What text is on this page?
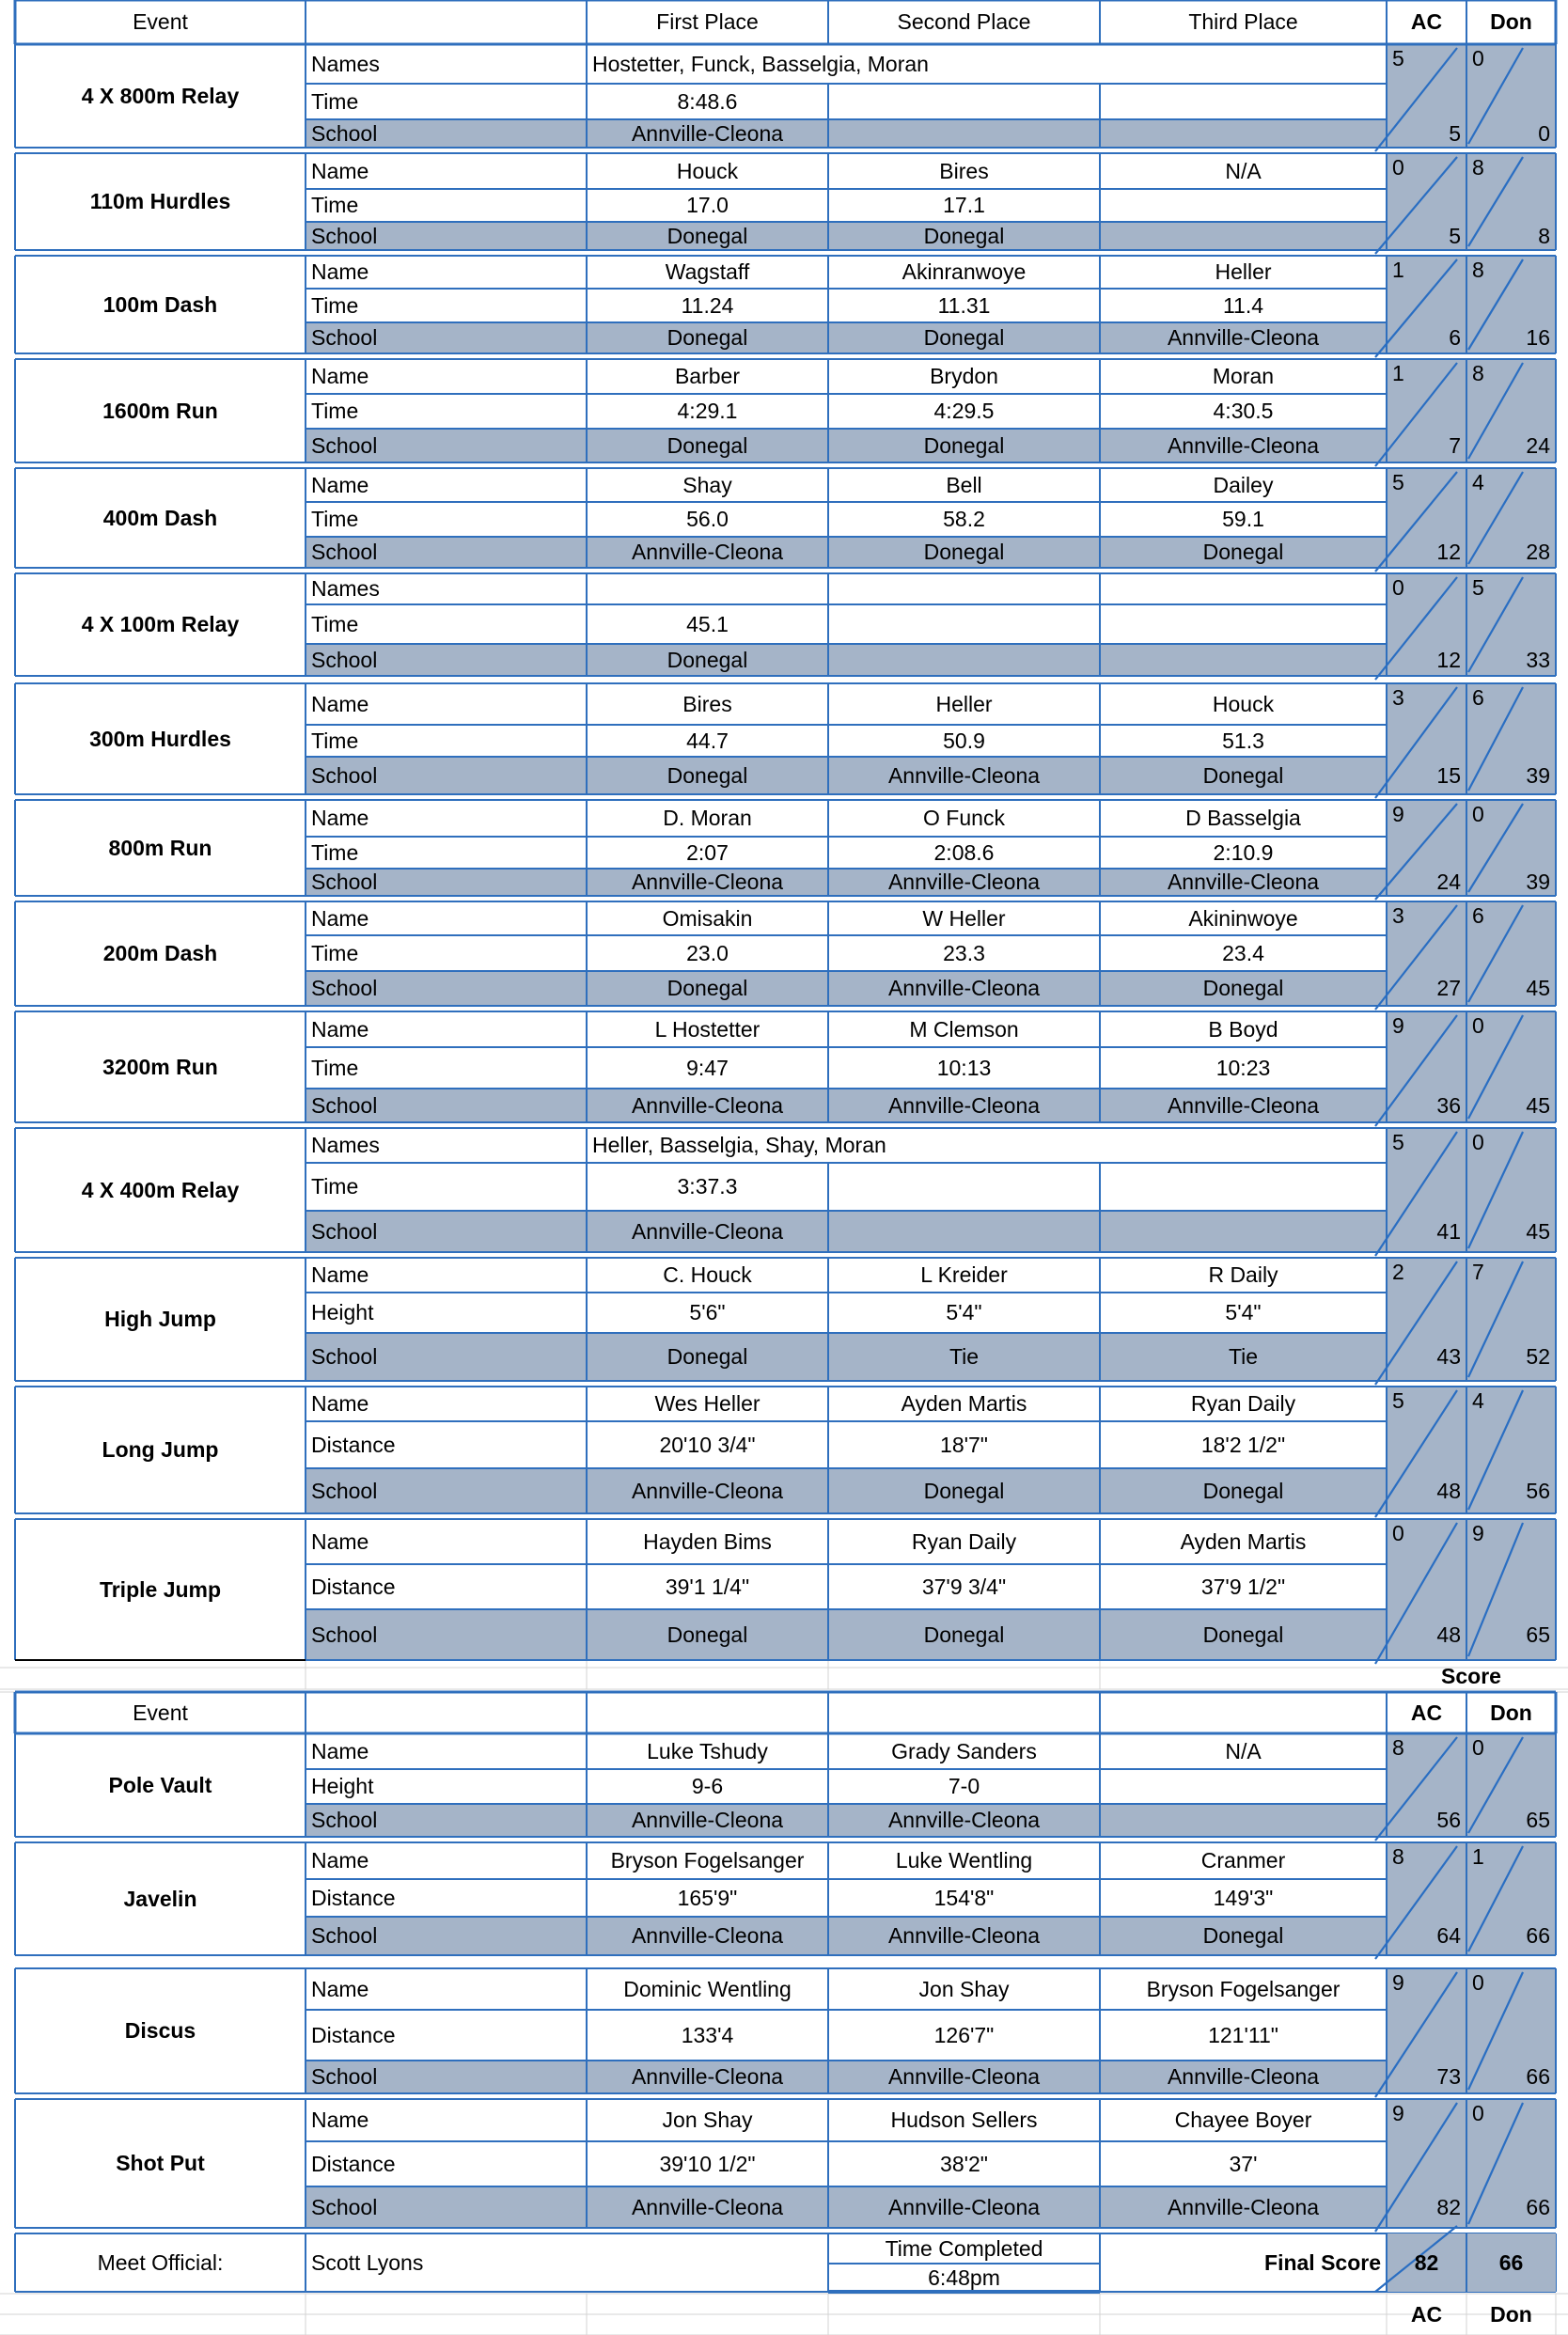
Event	First Place	Second Place	Third Place	AC	Don
Event	AC	Don
Score
4 X 800m Relay
Names	Hostetter, Funck, Basselgia, Moran
Time	8:48.6
School	Annville-Cleona
5	0
5	0
110m Hurdles
Name	Houck	Bires	N/A
Time	17.0	17.1
School	Donegal	Donegal
0	8
5	8
100m Dash
Name	Wagstaff	Akinranwoye	Heller
Time	11.24	11.31	11.4
School	Donegal	Donegal	Annville-Cleona
1	8
6	16
1600m Run
Name	Barber	Brydon	Moran
Time	4:29.1	4:29.5	4:30.5
School	Donegal	Donegal	Annville-Cleona
1	8
7	24
400m Dash
Name	Shay	Bell	Dailey
Time	56.0	58.2	59.1
School	Annville-Cleona	Donegal	Donegal
5	4
12	28
4 X 100m Relay
Names
Time	45.1
School	Donegal
0	5
12	33
300m Hurdles
Name	Bires	Heller	Houck
Time	44.7	50.9	51.3
School	Donegal	Annville-Cleona	Donegal
3	6
15	39
800m Run
Name	D. Moran	O Funck	D Basselgia
Time	2:07	2:08.6	2:10.9
School	Annville-Cleona	Annville-Cleona	Annville-Cleona
9	0
24	39
200m Dash
Name	Omisakin	W Heller	Akininwoye
Time	23.0	23.3	23.4
School	Donegal	Annville-Cleona	Donegal
3	6
27	45
3200m Run
Name	L Hostetter	M Clemson	B Boyd
Time	9:47	10:13	10:23
School	Annville-Cleona	Annville-Cleona	Annville-Cleona
9	0
36	45
4 X 400m Relay
Names	Heller, Basselgia, Shay, Moran
Time	3:37.3
School	Annville-Cleona
5	0
41	45
High Jump
Name	C. Houck	L Kreider	R Daily
Height	5'6"	5'4"	5'4"
School	Donegal	Tie	Tie
2	7
43	52
Long Jump
Name	Wes Heller	Ayden Martis	Ryan Daily
Distance	20'10 3/4"	18'7"	18'2 1/2"
School	Annville-Cleona	Donegal	Donegal
5	4
48	56
Triple Jump
Name	Hayden Bims	Ryan Daily	Ayden Martis
Distance	39'1 1/4"	37'9 3/4"	37'9 1/2"
School	Donegal	Donegal	Donegal
0	9
48	65
Pole Vault
Name	Luke Tshudy	Grady Sanders	N/A
Height	9-6	7-0
School	Annville-Cleona	Annville-Cleona
8	0
56	65
Javelin
Name	Bryson Fogelsanger	Luke Wentling	Cranmer
Distance	165'9"	154'8"	149'3"
School	Annville-Cleona	Annville-Cleona	Donegal
8	1
64	66
Discus
Name	Dominic Wentling	Jon Shay	Bryson Fogelsanger
Distance	133'4	126'7"	121'11"
School	Annville-Cleona	Annville-Cleona	Annville-Cleona
9	0
73	66
Shot Put
Name	Jon Shay	Hudson Sellers	Chayee Boyer
Distance	39'10 1/2"	38'2"	37'
School	Annville-Cleona	Annville-Cleona	Annville-Cleona
9	0
82	66
Meet Official:	Scott Lyons
Time Completed
6:48pm
Final Score	82	66
AC	Don
